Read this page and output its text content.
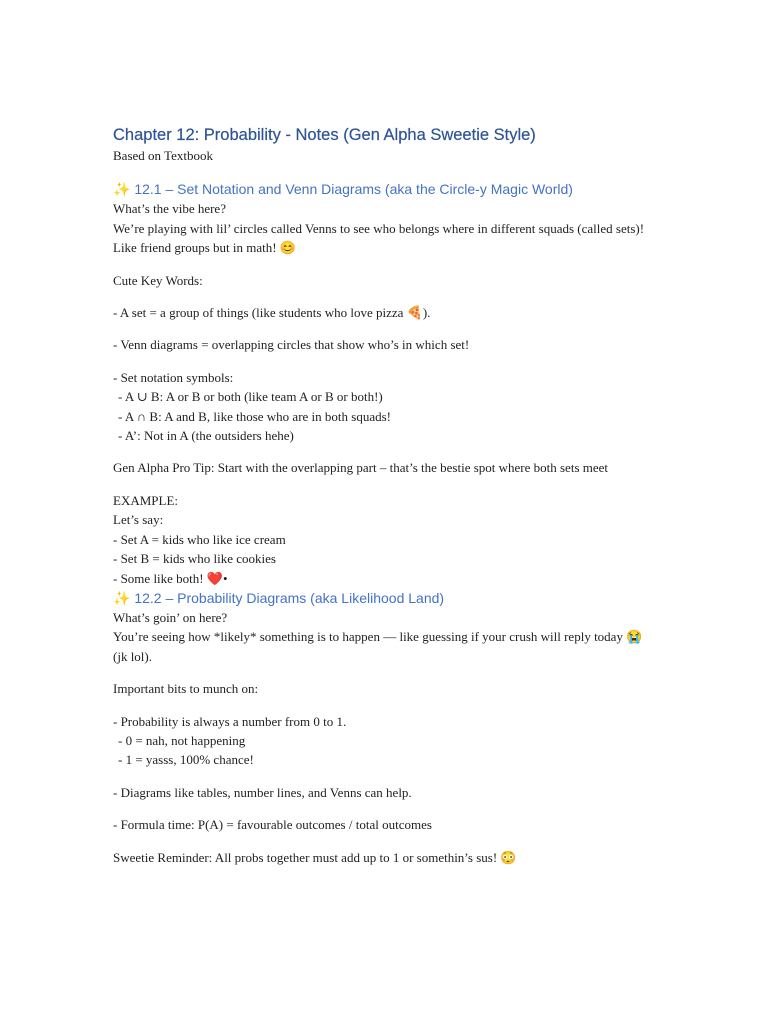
Chapter 12: Probability - Notes (Gen Alpha Sweetie Style)

Based on Textbook

✨ 12.1 – Set Notation and Venn Diagrams (aka the Circle-y Magic World)

What’s the vibe here?

We’re playing with lil’ circles called Venns to see who belongs where in different squads (called sets)! Like friend groups but in math! 😊

Cute Key Words:

- A set = a group of things (like students who love pizza 🍕).

- Venn diagrams = overlapping circles that show who’s in which set!

- Set notation symbols:

- A ∪ B: A or B or both (like team A or B or both!)

- A ∩ B: A and B, like those who are in both squads!

- A’: Not in A (the outsiders hehe)

Gen Alpha Pro Tip: Start with the overlapping part – that’s the bestie spot where both sets meet

EXAMPLE:

Let’s say:

- Set A = kids who like ice cream

- Set B = kids who like cookies

- Some like both! ❤️•

✨ 12.2 – Probability Diagrams (aka Likelihood Land)

What’s goin’ on here?

You’re seeing how *likely* something is to happen — like guessing if your crush will reply today 😭 (jk lol).

Important bits to munch on:

- Probability is always a number from 0 to 1.

- 0 = nah, not happening

- 1 = yasss, 100% chance!

- Diagrams like tables, number lines, and Venns can help.

- Formula time: P(A) = favourable outcomes / total outcomes

Sweetie Reminder: All probs together must add up to 1 or somethin’s sus! 😳
